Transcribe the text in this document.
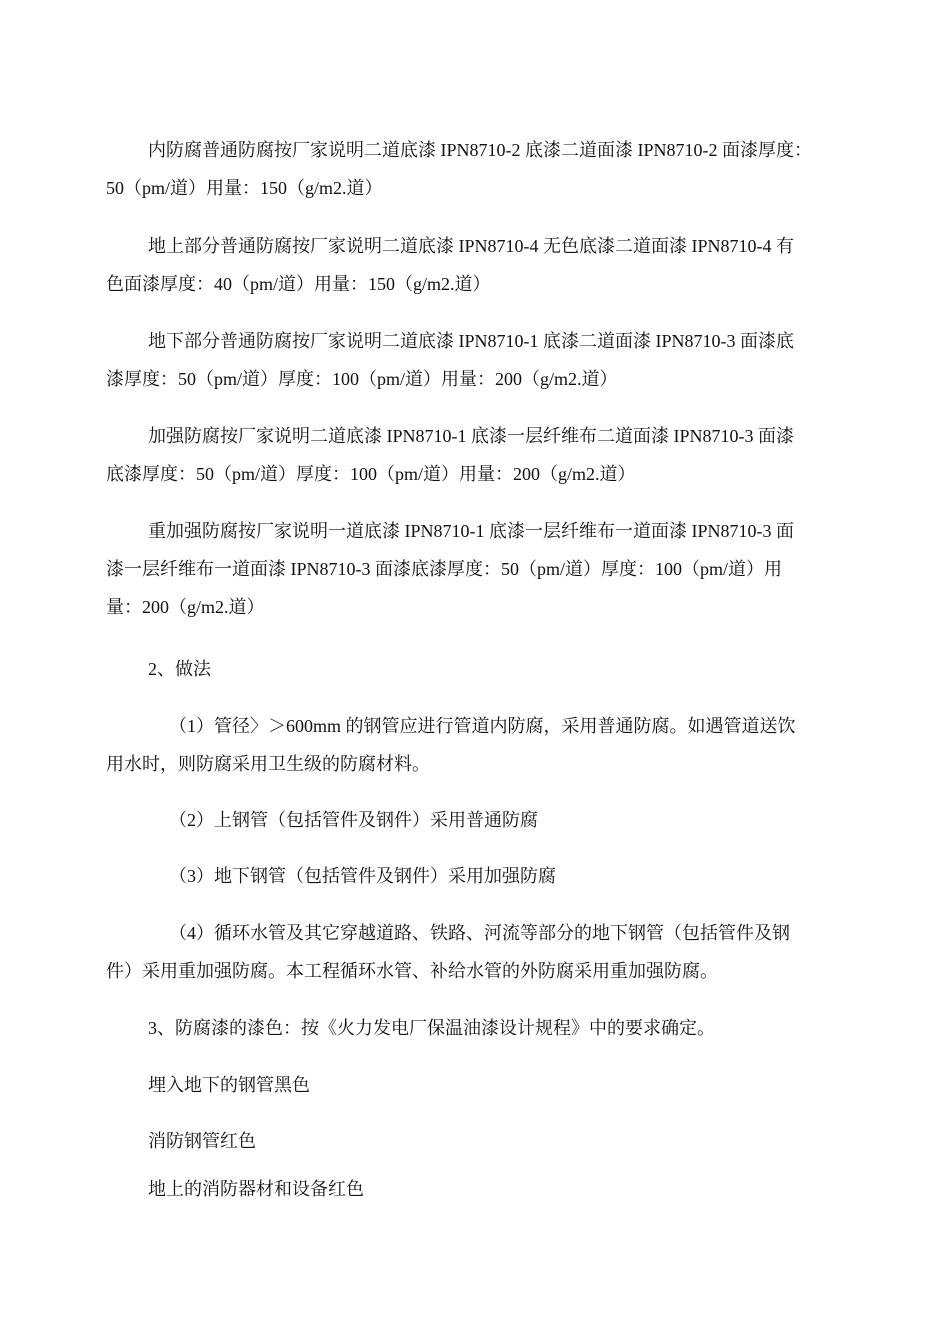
内防腐普通防腐按厂家说明二道底漆 IPN8710-2 底漆二道面漆 IPN8710-2 面漆厚度：
50（pm/道）用量：150（g/m2.道）

地上部分普通防腐按厂家说明二道底漆 IPN8710-4 无色底漆二道面漆 IPN8710-4 有
色面漆厚度：40（pm/道）用量：150（g/m2.道）

地下部分普通防腐按厂家说明二道底漆 IPN8710-1 底漆二道面漆 IPN8710-3 面漆底
漆厚度：50（pm/道）厚度：100（pm/道）用量：200（g/m2.道）

加强防腐按厂家说明二道底漆 IPN8710-1 底漆一层纤维布二道面漆 IPN8710-3 面漆
底漆厚度：50（pm/道）厚度：100（pm/道）用量：200（g/m2.道）

重加强防腐按厂家说明一道底漆 IPN8710-1 底漆一层纤维布一道面漆 IPN8710-3 面
漆一层纤维布一道面漆 IPN8710-3 面漆底漆厚度：50（pm/道）厚度：100（pm/道）用
量：200（g/m2.道）

2、做法

（1）管径〉＞600mm 的钢管应进行管道内防腐，采用普通防腐。如遇管道送饮
用水时，则防腐采用卫生级的防腐材料。

（2）上钢管（包括管件及钢件）采用普通防腐

（3）地下钢管（包括管件及钢件）采用加强防腐

（4）循环水管及其它穿越道路、铁路、河流等部分的地下钢管（包括管件及钢
件）采用重加强防腐。本工程循环水管、补给水管的外防腐采用重加强防腐。

3、防腐漆的漆色：按《火力发电厂保温油漆设计规程》中的要求确定。

埋入地下的钢管黑色

消防钢管红色

地上的消防器材和设备红色
